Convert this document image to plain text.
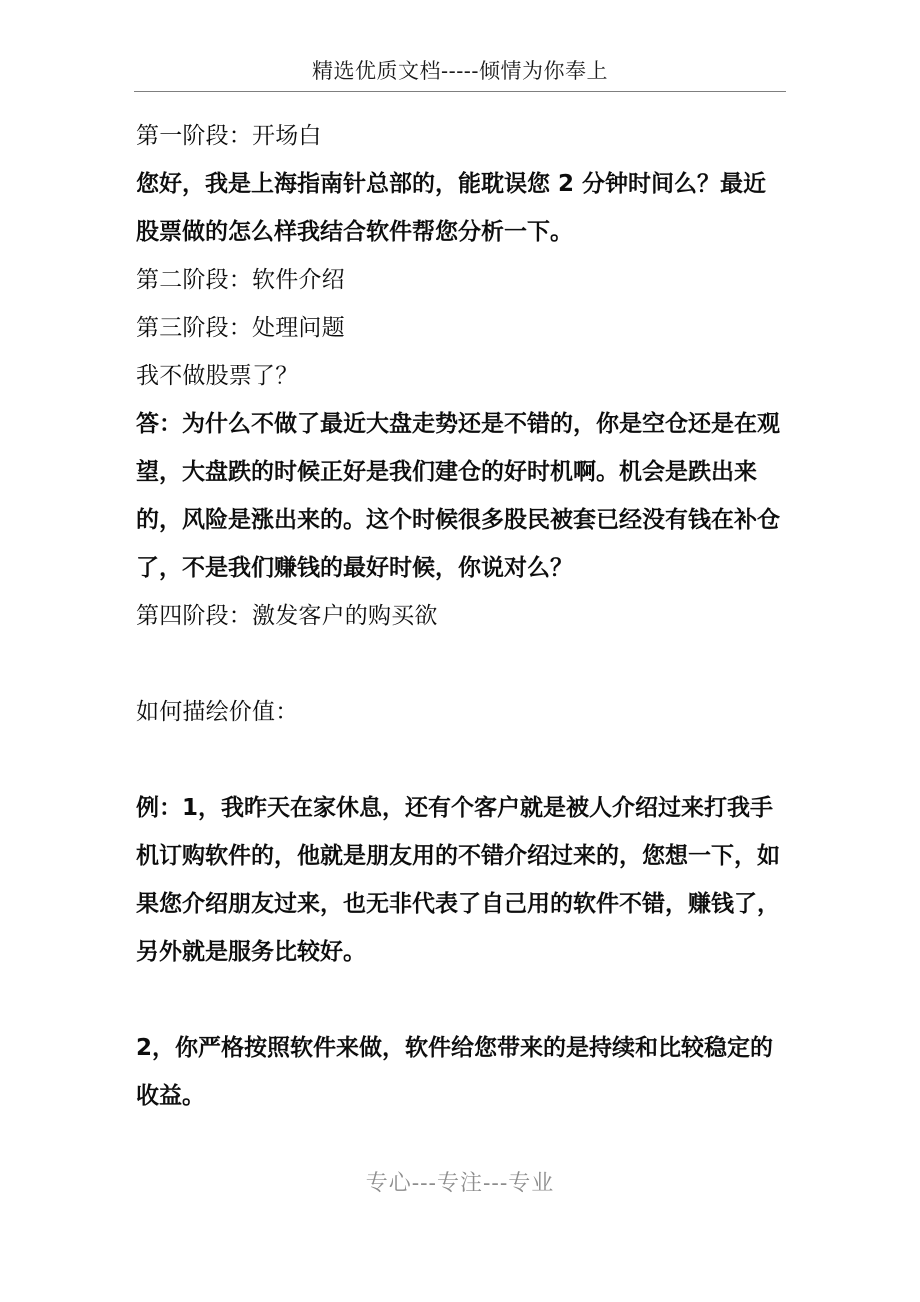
精选优质文档-----倾情为你奉上
第一阶段：开场白
您好，我是上海指南针总部的，能耽误您 2 分钟时间么？最近股票做的怎么样我结合软件帮您分析一下。
第二阶段：软件介绍
第三阶段：处理问题
我不做股票了？
答：为什么不做了最近大盘走势还是不错的，你是空仓还是在观望，大盘跌的时候正好是我们建仓的好时机啊。机会是跌出来的，风险是涨出来的。这个时候很多股民被套已经没有钱在补仓了，不是我们赚钱的最好时候，你说对么？
第四阶段：激发客户的购买欲
如何描绘价值：
例：1，我昨天在家休息，还有个客户就是被人介绍过来打我手机订购软件的，他就是朋友用的不错介绍过来的，您想一下，如果您介绍朋友过来，也无非代表了自己用的软件不错，赚钱了，另外就是服务比较好。
2，你严格按照软件来做，软件给您带来的是持续和比较稳定的收益。
专心---专注---专业
